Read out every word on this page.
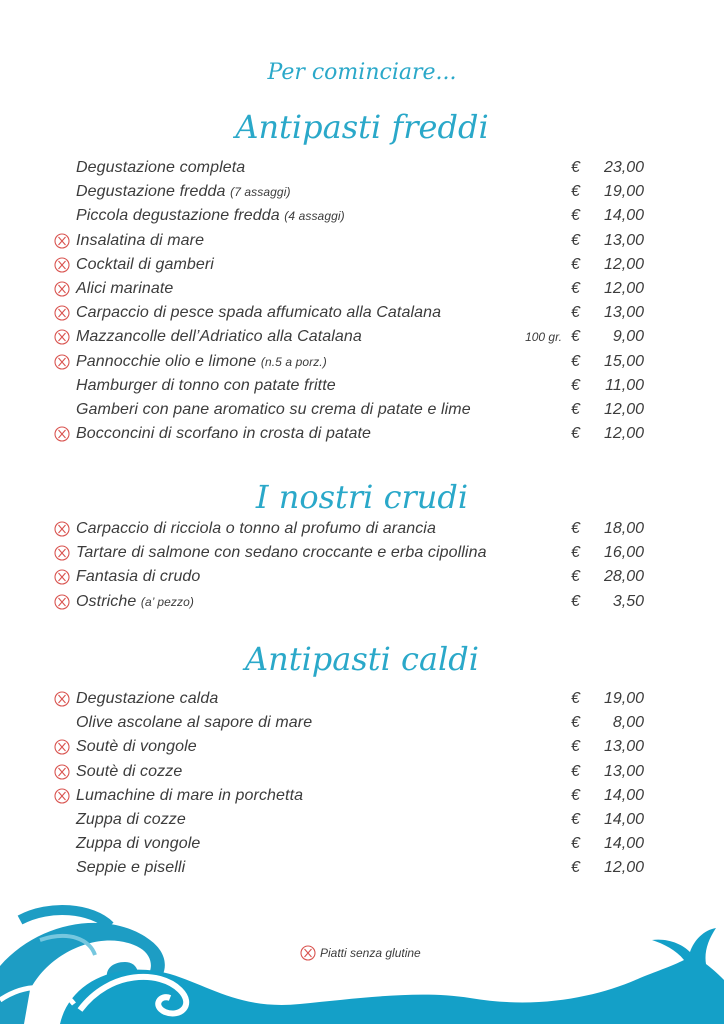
Per cominciare...
Antipasti freddi
Degustazione completa	€ 23,00
Degustazione fredda (7 assaggi)	€ 19,00
Piccola degustazione fredda (4 assaggi)	€ 14,00
Insalatina di mare	€ 13,00
Cocktail di gamberi	€ 12,00
Alici marinate	€ 12,00
Carpaccio di pesce spada affumicato alla Catalana	€ 13,00
Mazzancolle dell’Adriatico alla Catalana	100 gr. € 9,00
Pannocchie olio e limone (n.5 a porz.)	€ 15,00
Hamburger di tonno con patate fritte	€ 11,00
Gamberi con pane aromatico su crema di patate e lime	€ 12,00
Bocconcini di scorfano in crosta di patate	€ 12,00
I nostri crudi
Carpaccio di ricciola o tonno al profumo di arancia	€ 18,00
Tartare di salmone con sedano croccante e erba cipollina	€ 16,00
Fantasia di crudo	€ 28,00
Ostriche (a’ pezzo)	€ 3,50
Antipasti caldi
Degustazione calda	€ 19,00
Olive ascolane al sapore di mare	€ 8,00
Soutè di vongole	€ 13,00
Soutè di cozze	€ 13,00
Lumachine di mare in porchetta	€ 14,00
Zuppa di cozze	€ 14,00
Zuppa di vongole	€ 14,00
Seppie e piselli	€ 12,00
Piatti senza glutine
